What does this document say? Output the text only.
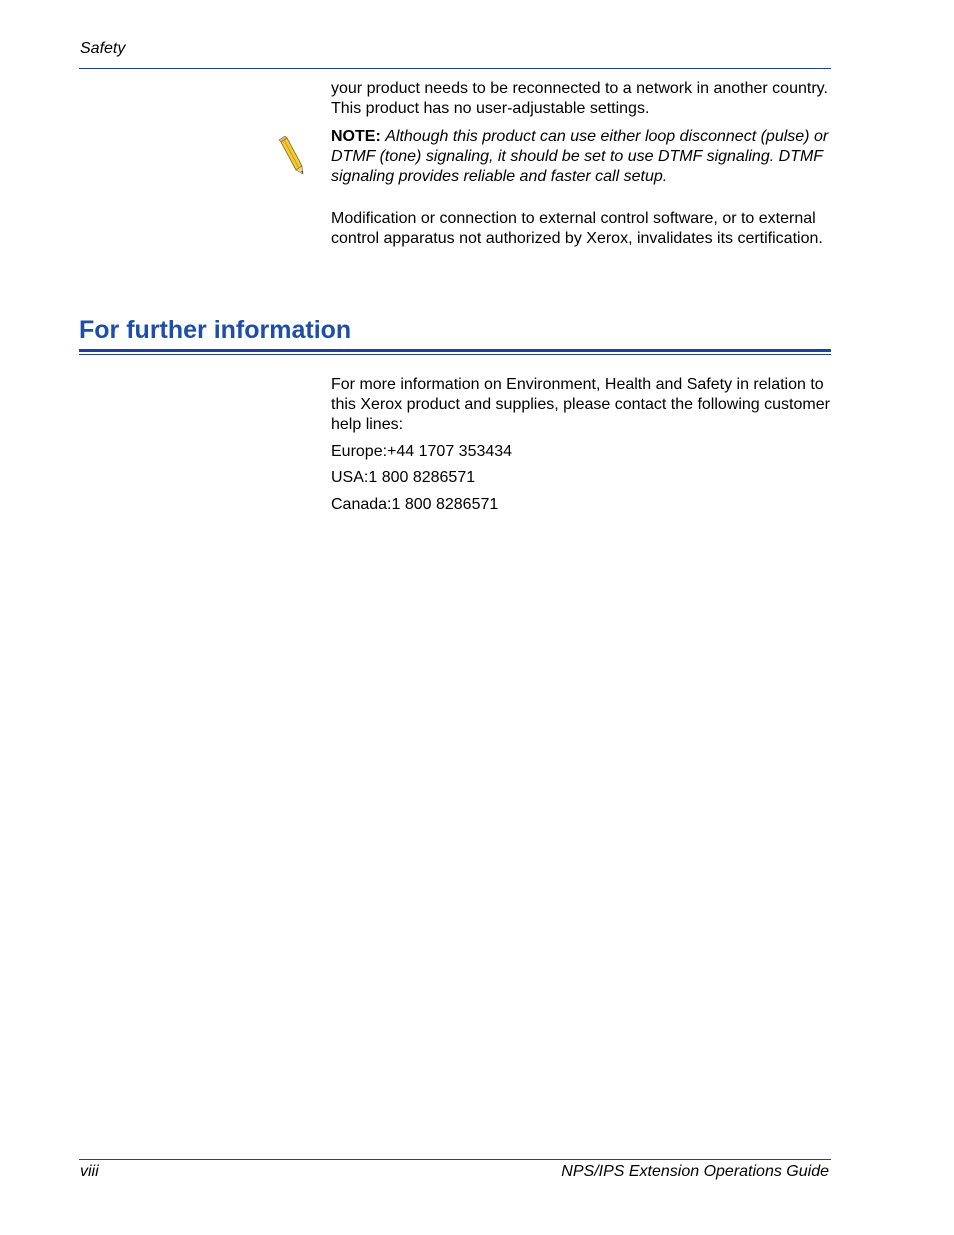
Safety

your product needs to be reconnected to a network in another country. This product has no user-adjustable settings.

NOTE: Although this product can use either loop disconnect (pulse) or DTMF (tone) signaling, it should be set to use DTMF signaling. DTMF signaling provides reliable and faster call setup.

Modification or connection to external control software, or to external control apparatus not authorized by Xerox, invalidates its certification.

For further information

For more information on Environment, Health and Safety in relation to this Xerox product and supplies, please contact the following customer help lines:

Europe:+44 1707 353434

USA:1 800 8286571

Canada:1 800 8286571

viii	NPS/IPS Extension Operations Guide
